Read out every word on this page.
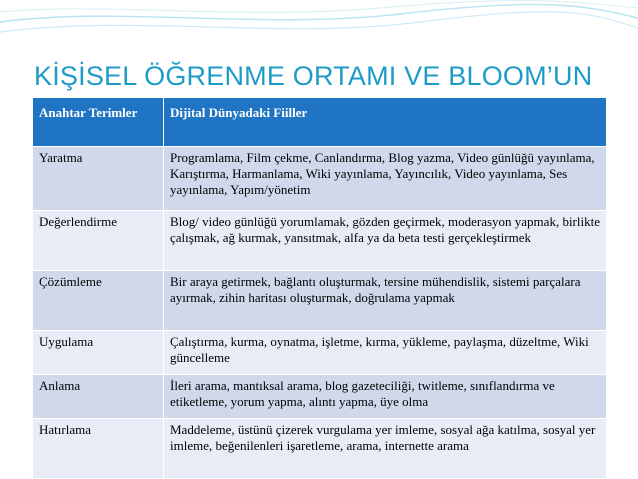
KİŞİSEL ÖĞRENME ORTAMI VE BLOOM’UN
Anahtar Terimler	Dijital Dünyadaki Fiiller
Yaratma	Programlama, Film çekme, Canlandırma, Blog yazma, Video günlüğü yayınlama, Karıştırma, Harmanlama, Wiki yayınlama, Yayıncılık, Video yayınlama, Ses yayınlama, Yapım/yönetim
Değerlendirme	Blog/ video günlüğü yorumlamak, gözden geçirmek, moderasyon yapmak, birlikte çalışmak, ağ kurmak, yansıtmak, alfa ya da beta testi gerçekleştirmek
Çözümleme	Bir araya getirmek, bağlantı oluşturmak, tersine mühendislik, sistemi parçalara ayırmak, zihin haritası oluşturmak, doğrulama yapmak
Uygulama	Çalıştırma, kurma, oynatma, işletme, kırma, yükleme, paylaşma, düzeltme, Wiki güncelleme
Anlama	İleri arama, mantıksal arama, blog gazeteciliği, twitleme, sınıflandırma ve etiketleme, yorum yapma, alıntı yapma, üye olma
Hatırlama	Maddeleme, üstünü çizerek vurgulama yer imleme, sosyal ağa katılma, sosyal yer imleme, beğenilenleri işaretleme, arama, internette arama
